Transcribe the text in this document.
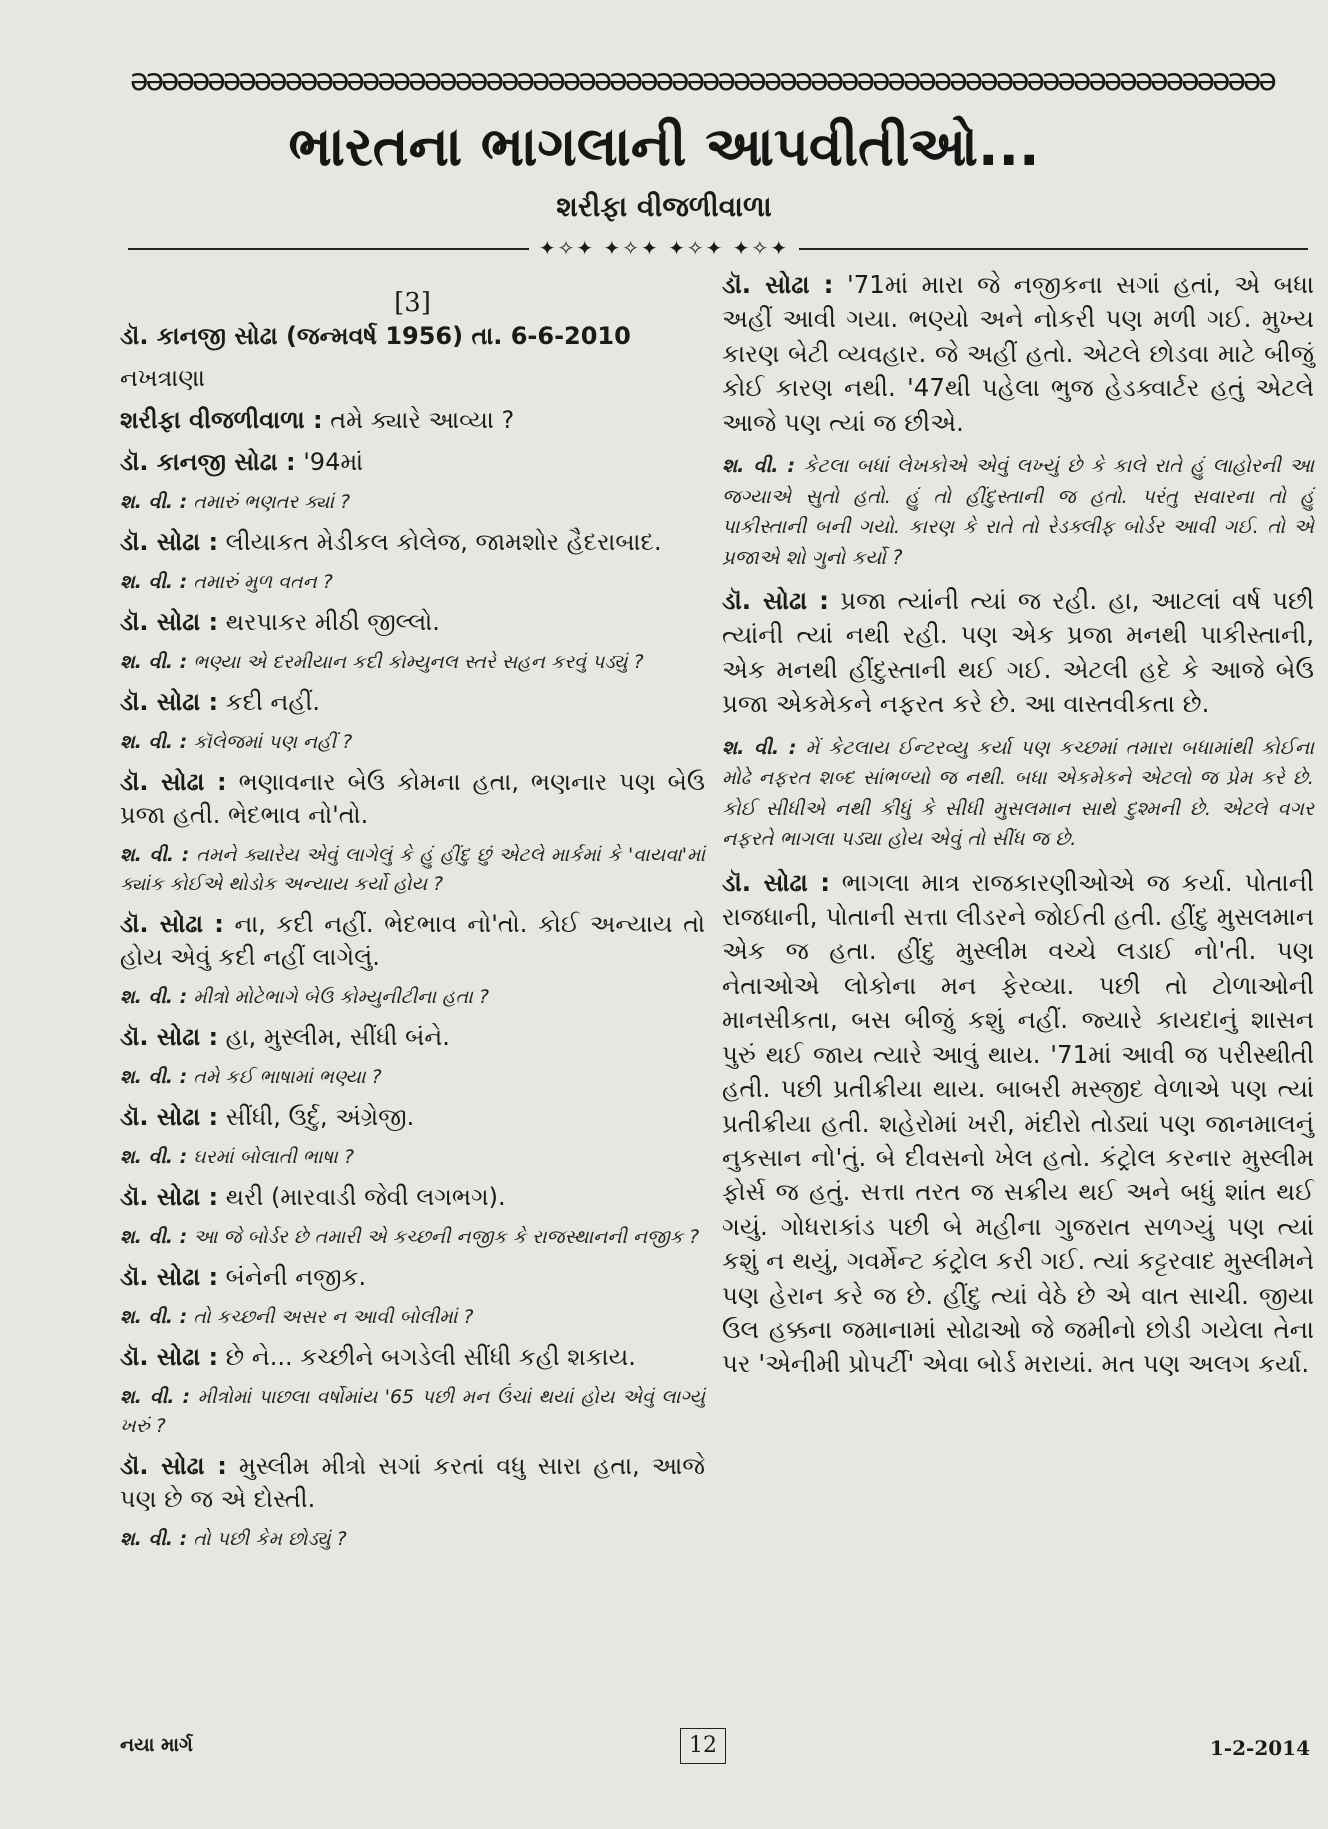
ǝǝǝǝǝǝǝǝǝǝǝǝǝǝǝǝǝǝǝǝǝǝǝǝǝǝǝǝǝǝǝǝǝǝǝǝǝǝǝǝǝǝǝǝǝǝǝǝǝǝǝǝǝǝǝǝǝǝǝǝǝǝǝǝǝǝǝǝǝǝǝǝǝǝ
ભારતના ભાગલાની આપવીતીઓ...
શરીફા વીજળીવાળા
✦✧✦ ✦✧✦ ✦✧✦ ✦✧✦
[3]

ડૉ. કાનજી સોઢા (જન્મવર્ષ 1956) તા. 6-6-2010

નખત્રાણા

શરીફા વીજળીવાળા : તમે ક્યારે આવ્યા ?

ડૉ. કાનજી સોઢા : '94માં

શ. વી. : તમારું ભણતર ક્યાં ?

ડૉ. સોઢા : લીયાકત મેડીકલ કોલેજ, જામશોર હૈદરાબાદ.

શ. વી. : તમારું મુળ વતન ?

ડૉ. સોઢા : થરપાકર મીઠી જીલ્લો.

શ. વી. : ભણ્યા એ દરમીયાન કદી કોમ્યુનલ સ્તરે સહન કરવું પડ્યું ?

ડૉ. સોઢા : કદી નહીં.

શ. વી. : કૉલેજમાં પણ નહીં ?

ડૉ. સોઢા : ભણાવનાર બેઉ કોમના હતા, ભણનાર પણ બેઉ પ્રજા હતી. ભેદભાવ નો'તો.

શ. વી. : તમને ક્યારેય એવું લાગેલું કે હું હીંદુ છું એટલે માર્કમાં કે 'વાયવા'માં ક્યાંક કોઈએ થોડોક અન્યાય કર્યો હોય ?

ડૉ. સોઢા : ના, કદી નહીં. ભેદભાવ નો'તો. કોઈ અન્યાય તો હોય એવું કદી નહીં લાગેલું.

શ. વી. : મીત્રો મોટેભાગે બેઉ કોમ્યુનીટીના હતા ?

ડૉ. સોઢા : હા, મુસ્લીમ, સીંધી બંને.

શ. વી. : તમે કઈ ભાષામાં ભણ્યા ?

ડૉ. સોઢા : સીંધી, ઉર્દુ, અંગ્રેજી.

શ. વી. : ઘરમાં બોલાતી ભાષા ?

ડૉ. સોઢા : થરી (મારવાડી જેવી લગભગ).

શ. વી. : આ જે બોર્ડર છે તમારી એ કચ્છની નજીક કે રાજસ્થાનની નજીક ?

ડૉ. સોઢા : બંનેની નજીક.

શ. વી. : તો કચ્છની અસર ન આવી બોલીમાં ?

ડૉ. સોઢા : છે ને... કચ્છીને બગડેલી સીંધી કહી શકાય.

શ. વી. : મીત્રોમાં પાછલા વર્ષોમાંય '65 પછી મન ઉંચાં થયાં હોય એવું લાગ્યું ખરું ?

ડૉ. સોઢા : મુસ્લીમ મીત્રો સગાં કરતાં વધુ સારા હતા, આજે પણ છે જ એ દોસ્તી.

શ. વી. : તો પછી કેમ છોડ્યું ?

ડૉ. સોઢા : '71માં મારા જે નજીકના સગાં હતાં, એ બધા અહીં આવી ગયા. ભણ્યો અને નોકરી પણ મળી ગઈ. મુખ્ય કારણ બેટી વ્યવહાર. જે અહીં હતો. એટલે છોડવા માટે બીજું કોઈ કારણ નથી. '47થી પહેલા ભુજ હેડક્વાર્ટર હતું એટલે આજે પણ ત્યાં જ છીએ.

શ. વી. : કેટલા બધાં લેખકોએ એવું લખ્યું છે કે કાલે રાતે હું લાહોરની આ જગ્યાએ સુતો હતો. હું તો હીંદુસ્તાની જ હતો. પરંતુ સવારના તો હું પાકીસ્તાની બની ગયો. કારણ કે રાતે તો રેડક્લીફ બોર્ડર આવી ગઈ. તો એ પ્રજાએ શો ગુનો કર્યો ?

ડૉ. સોઢા : પ્રજા ત્યાંની ત્યાં જ રહી. હા, આટલાં વર્ષ પછી ત્યાંની ત્યાં નથી રહી. પણ એક પ્રજા મનથી પાકીસ્તાની, એક મનથી હીંદુસ્તાની થઈ ગઈ. એટલી હદે કે આજે બેઉ પ્રજા એકમેકને નફરત કરે છે. આ વાસ્તવીકતા છે.

શ. વી. : મેં કેટલાય ઈન્ટરવ્યુ કર્યા પણ કચ્છમાં તમારા બધામાંથી કોઈના મોઢે નફરત શબ્દ સાંભળ્યો જ નથી. બધા એકમેકને એટલો જ પ્રેમ કરે છે. કોઈ સીધીએ નથી કીધું કે સીધી મુસલમાન સાથે દુશ્મની છે. એટલે વગર નફરતે ભાગલા પડ્યા હોય એવું તો સીંધ જ છે.

ડૉ. સોઢા : ભાગલા માત્ર રાજકારણીઓએ જ કર્યા. પોતાની રાજધાની, પોતાની સત્તા લીડરને જોઈતી હતી. હીંદુ મુસલમાન એક જ હતા. હીંદુ મુસ્લીમ વચ્ચે લડાઈ નો'તી. પણ નેતાઓએ લોકોના મન ફેરવ્યા. પછી તો ટોળાઓની માનસીકતા, બસ બીજું કશું નહીં. જ્યારે કાયદાનું શાસન પુરું થઈ જાય ત્યારે આવું થાય. '71માં આવી જ પરીસ્થીતી હતી. પછી પ્રતીક્રીયા થાય. બાબરી મસ્જીદ વેળાએ પણ ત્યાં પ્રતીક્રીયા હતી. શહેરોમાં ખરી, મંદીરો તોડ્યાં પણ જાનમાલનું નુકસાન નો'તું. બે દીવસનો ખેલ હતો. કંટ્રોલ કરનાર મુસ્લીમ ફોર્સ જ હતું. સત્તા તરત જ સક્રીય થઈ અને બધું શાંત થઈ ગયું. ગોધરાકાંડ પછી બે મહીના ગુજરાત સળગ્યું પણ ત્યાં કશું ન થયું, ગવર્મેન્ટ કંટ્રોલ કરી ગઈ. ત્યાં કટ્ટરવાદ મુસ્લીમને પણ હેરાન કરે જ છે. હીંદુ ત્યાં વેઠે છે એ વાત સાચી. જીયા ઉલ હક્કના જમાનામાં સોઢાઓ જે જમીનો છોડી ગયેલા તેના પર 'એનીમી પ્રોપર્ટી' એવા બોર્ડ મરાયાં. મત પણ અલગ કર્યા.

નયા માર્ગ	12	1-2-2014
